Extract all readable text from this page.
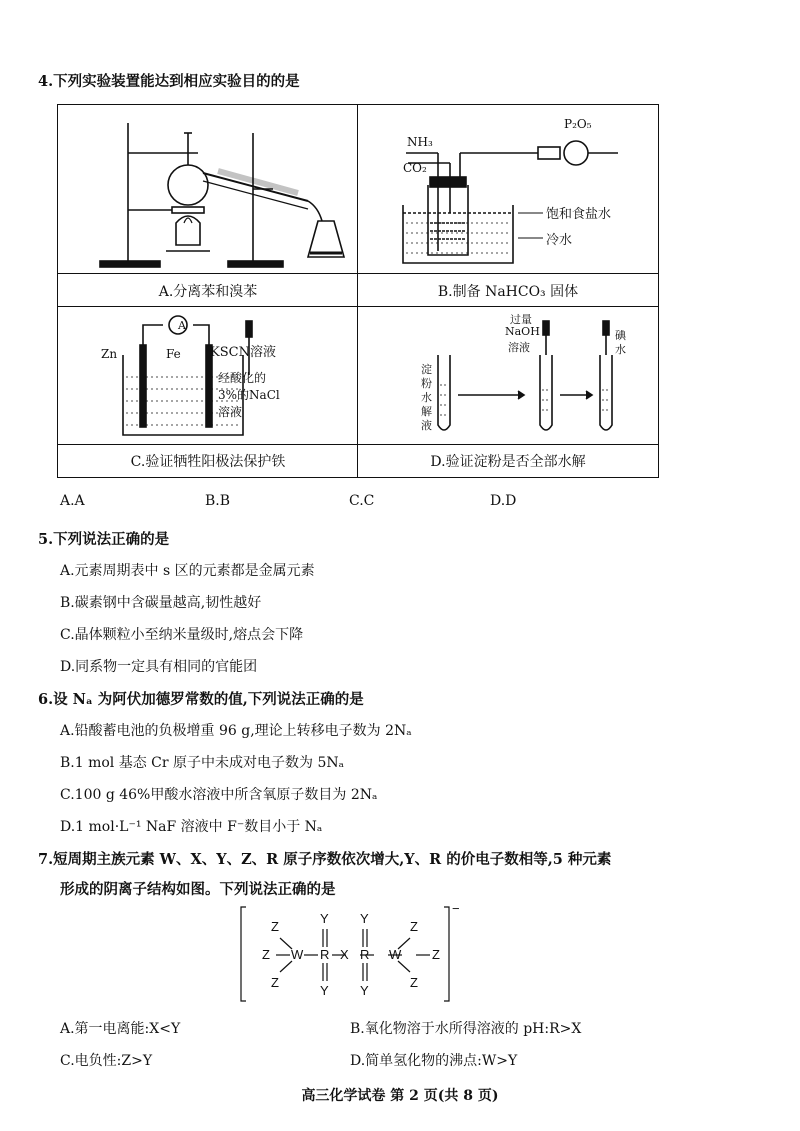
4.下列实验装置能达到相应实验目的的是
A.分离苯和溴苯	B.制备 NaHCO₃ 固体
C.验证牺牲阳极法保护铁	D.验证淀粉是否全部水解
NH₃
CO₂
P₂O₅
饱和食盐水
冷水
A
Zn	Fe KSCN溶液
经酸化的
3%的NaCl
溶液
过量
NaOH
溶液
碘
水
淀
粉
水
解
液
A.A	B.B	C.C	D.D
5.下列说法正确的是
A.元素周期表中 s 区的元素都是金属元素
B.碳素钢中含碳量越高,韧性越好
C.晶体颗粒小至纳米量级时,熔点会下降
D.同系物一定具有相同的官能团
6.设 Nₐ 为阿伏加德罗常数的值,下列说法正确的是
A.铅酸蓄电池的负极增重 96 g,理论上转移电子数为 2Nₐ
B.1 mol 基态 Cr 原子中未成对电子数为 5Nₐ
C.100 g 46%甲酸水溶液中所含氧原子数目为 2Nₐ
D.1 mol·L⁻¹ NaF 溶液中 F⁻数目小于 Nₐ
7.短周期主族元素 W、X、Y、Z、R 原子序数依次增大,Y、R 的价电子数相等,5 种元素
形成的阴离子结构如图。下列说法正确的是
Z
Z
Z
W
Y
R
Y
X
Y
R
Y
W
Z
Z
Z
−
A.第一电离能:X<Y	B.氧化物溶于水所得溶液的 pH:R>X
C.电负性:Z>Y	D.简单氢化物的沸点:W>Y
高三化学试卷 第 2 页(共 8 页)
